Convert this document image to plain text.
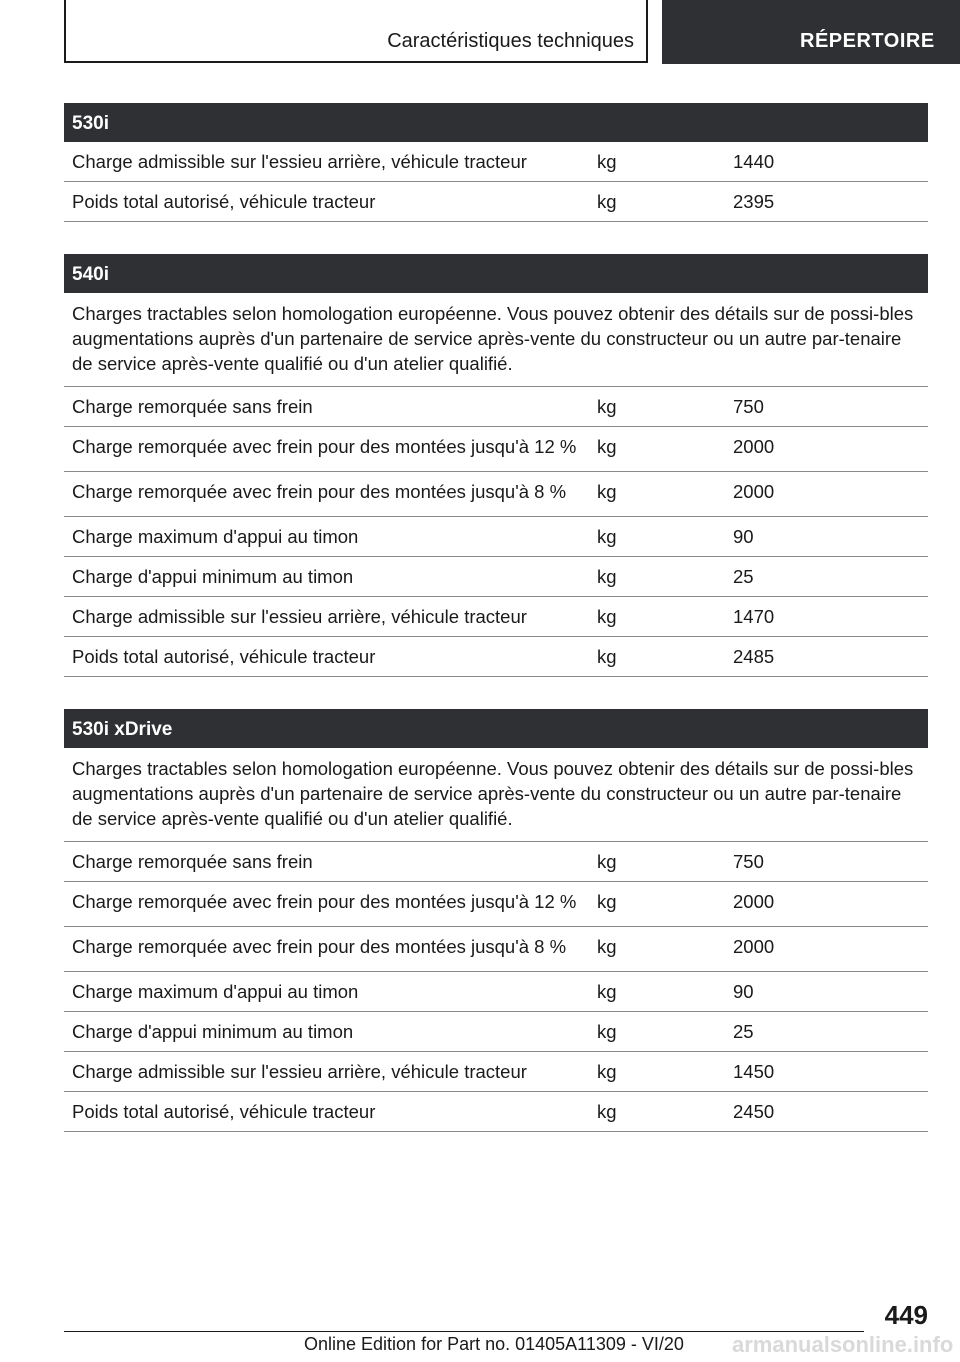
Caractéristiques techniques	RÉPERTOIRE
530i
Charge admissible sur l'essieu arrière, véhicule tracteur	kg	1440
Poids total autorisé, véhicule tracteur	kg	2395
540i
Charges tractables selon homologation européenne. Vous pouvez obtenir des détails sur de possi-bles augmentations auprès d'un partenaire de service après-vente du constructeur ou un autre par-tenaire de service après-vente qualifié ou d'un atelier qualifié.
Charge remorquée sans frein	kg	750
Charge remorquée avec frein pour des montées jusqu'à 12 %	kg	2000
Charge remorquée avec frein pour des montées jusqu'à 8 %	kg	2000
Charge maximum d'appui au timon	kg	90
Charge d'appui minimum au timon	kg	25
Charge admissible sur l'essieu arrière, véhicule tracteur	kg	1470
Poids total autorisé, véhicule tracteur	kg	2485
530i xDrive
Charges tractables selon homologation européenne. Vous pouvez obtenir des détails sur de possi-bles augmentations auprès d'un partenaire de service après-vente du constructeur ou un autre par-tenaire de service après-vente qualifié ou d'un atelier qualifié.
Charge remorquée sans frein	kg	750
Charge remorquée avec frein pour des montées jusqu'à 12 %	kg	2000
Charge remorquée avec frein pour des montées jusqu'à 8 %	kg	2000
Charge maximum d'appui au timon	kg	90
Charge d'appui minimum au timon	kg	25
Charge admissible sur l'essieu arrière, véhicule tracteur	kg	1450
Poids total autorisé, véhicule tracteur	kg	2450
449
Online Edition for Part no. 01405A11309 - VI/20 armanualsonline.info
